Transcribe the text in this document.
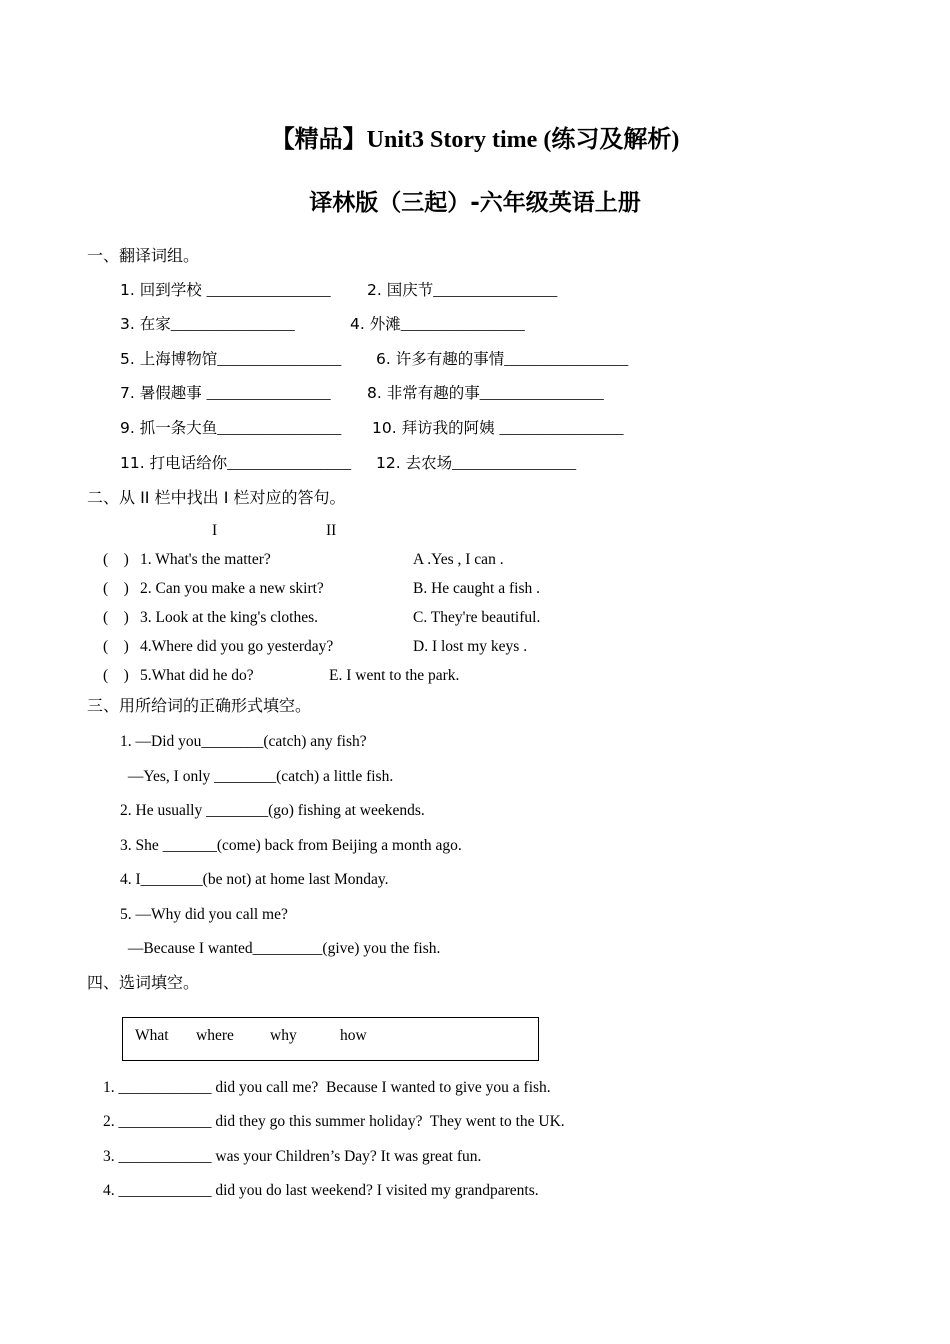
【精品】Unit3 Story time (练习及解析)
译林版（三起）-六年级英语上册
一、翻译词组。
1. 回到学校 ________________ 2. 国庆节________________
3. 在家________________	4. 外滩________________
5. 上海博物馆________________ 6. 许多有趣的事情________________
7. 暑假趣事 ________________ 8. 非常有趣的事________________
9. 抓一条大鱼________________ 10. 拜访我的阿姨 ________________
11. 打电话给你________________ 12. 去农场________________
二、从 II 栏中找出 I 栏对应的答句。
I	II
(    ) 1. What's the matter?	A .Yes , I can .
(    ) 2. Can you make a new skirt?	B. He caught a fish .
(    ) 3. Look at the king's clothes.	C. They're beautiful.
(    ) 4.Where did you go yesterday?	D. I lost my keys .
(    ) 5.What did he do?	E. I went to the park.
三、用所给词的正确形式填空。
1. —Did you________(catch) any fish?
—Yes, I only ________(catch) a little fish.
2. He usually ________(go) fishing at weekends.
3. She _______(come) back from Beijing a month ago.
4. I________(be not) at home last Monday.
5. —Why did you call me?
—Because I wanted_________(give) you the fish.
四、选词填空。
What where why	how
1. ____________ did you call me?  Because I wanted to give you a fish.
2. ____________ did they go this summer holiday?  They went to the UK.
3. ____________ was your Children’s Day? It was great fun.
4. ____________ did you do last weekend? I visited my grandparents.
